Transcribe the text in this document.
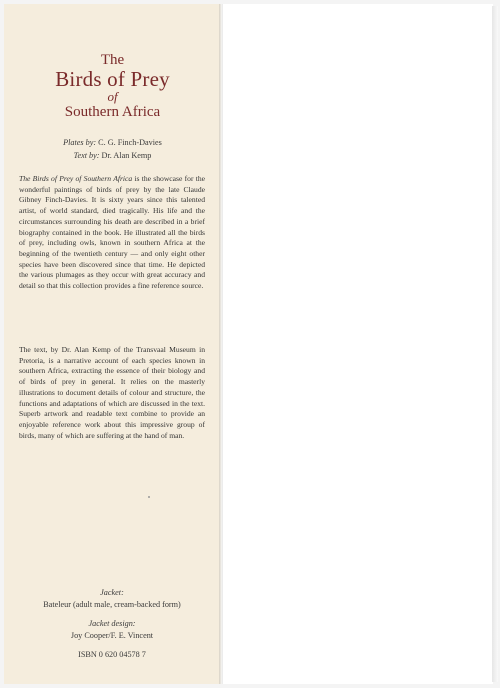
The
Birds of Prey
of
Southern Africa
Plates by: C. G. Finch-Davies
Text by: Dr. Alan Kemp

The Birds of Prey of Southern Africa is the showcase for the wonderful paintings of birds of prey by the late Claude Gibney Finch-Davies. It is sixty years since this talented artist, of world standard, died tragically. His life and the circumstances surrounding his death are described in a brief biography contained in the book. He illustrated all the birds of prey, including owls, known in southern Africa at the beginning of the twentieth century — and only eight other species have been discovered since that time. He depicted the various plumages as they occur with great accuracy and detail so that this collection provides a fine reference source.

The text, by Dr. Alan Kemp of the Transvaal Museum in Pretoria, is a narrative account of each species known in southern Africa, extracting the essence of their biology and of birds of prey in general. It relies on the masterly illustrations to document details of colour and structure, the functions and adaptations of which are discussed in the text. Superb artwork and readable text combine to provide an enjoyable reference work about this impressive group of birds, many of which are suffering at the hand of man.

Jacket:
Bateleur (adult male, cream-backed form)
Jacket design:
Joy Cooper/F. E. Vincent
ISBN 0 620 04578 7
